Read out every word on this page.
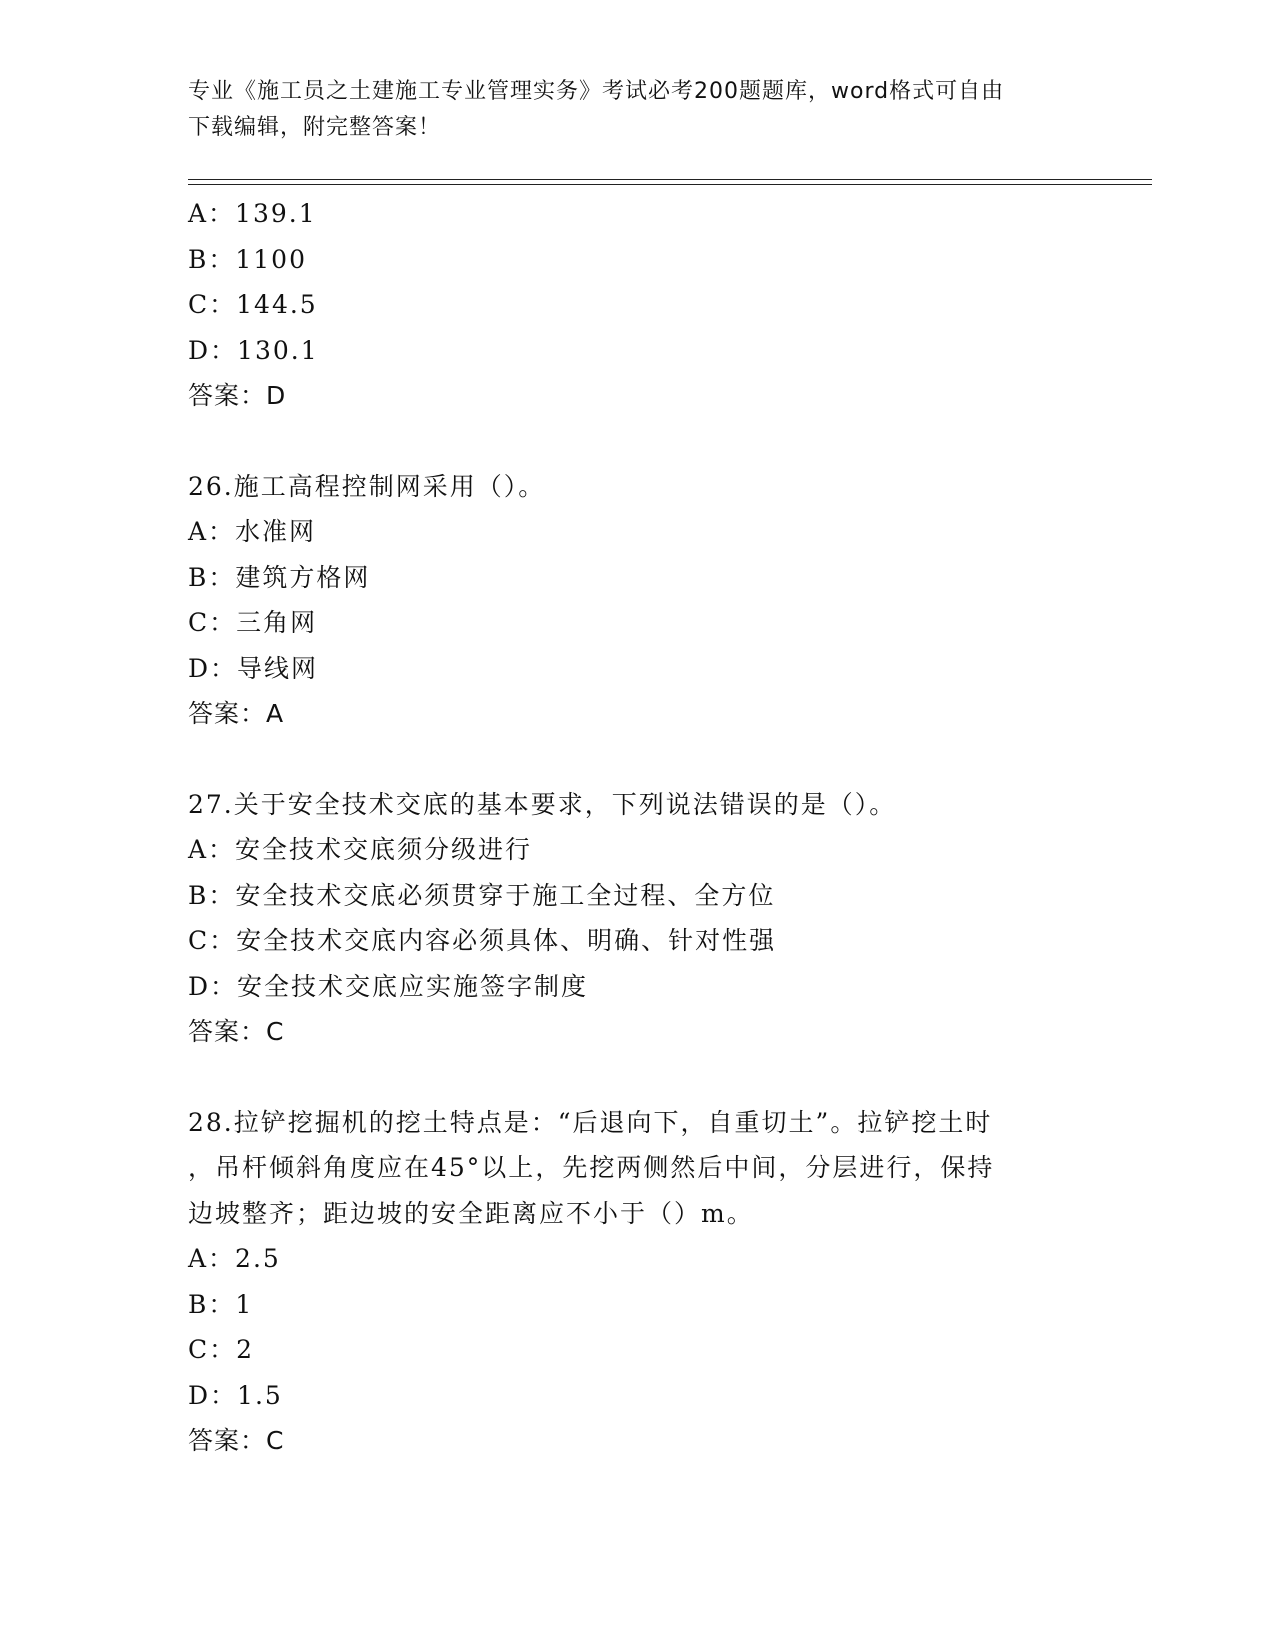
专业《施工员之土建施工专业管理实务》考试必考200题题库，word格式可自由
下载编辑，附完整答案！
A：139.1
B：1100
C：144.5
D：130.1
答案：D
26.施工高程控制网采用（）。
A：水准网
B：建筑方格网
C：三角网
D：导线网
答案：A
27.关于安全技术交底的基本要求，下列说法错误的是（）。
A：安全技术交底须分级进行
B：安全技术交底必须贯穿于施工全过程、全方位
C：安全技术交底内容必须具体、明确、针对性强
D：安全技术交底应实施签字制度
答案：C
28.拉铲挖掘机的挖土特点是：“后退向下，自重切土”。拉铲挖土时
，吊杆倾斜角度应在45°以上，先挖两侧然后中间，分层进行，保持
边坡整齐；距边坡的安全距离应不小于（）m。
A：2.5
B：1
C：2
D：1.5
答案：C
